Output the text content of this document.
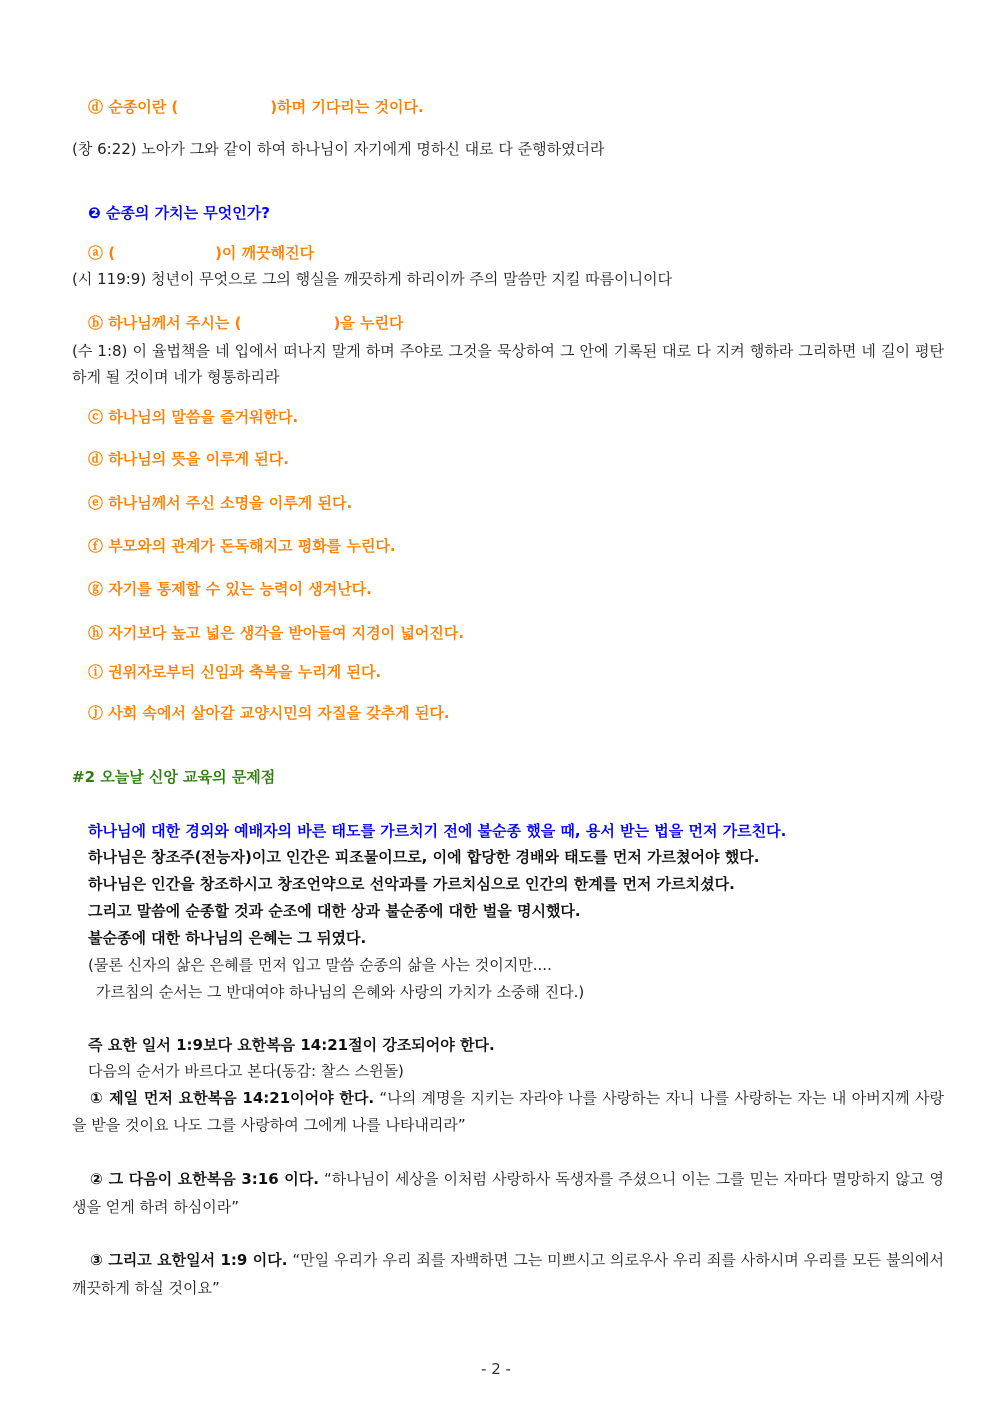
ⓓ 순종이란 (	)하며 기다리는 것이다.
(창 6:22) 노아가 그와 같이 하여 하나님이 자기에게 명하신 대로 다 준행하였더라
❷ 순종의 가치는 무엇인가?
ⓐ (	)이 깨끗해진다
(시 119:9) 청년이 무엇으로 그의 행실을 깨끗하게 하리이까 주의 말씀만 지킬 따름이니이다
ⓑ 하나님께서 주시는 (	)을 누린다
(수 1:8) 이 율법책을 네 입에서 떠나지 말게 하며 주야로 그것을 묵상하여 그 안에 기록된 대로 다 지켜 행하라 그리하면 네 길이 평탄하게 될 것이며 네가 형통하리라
ⓒ 하나님의 말씀을 즐거워한다.
ⓓ 하나님의 뜻을 이루게 된다.
ⓔ 하나님께서 주신 소명을 이루게 된다.
ⓕ 부모와의 관계가 돈독해지고 평화를 누린다.
ⓖ 자기를 통제할 수 있는 능력이 생겨난다.
ⓗ 자기보다 높고 넓은 생각을 받아들여 지경이 넓어진다.
ⓘ 권위자로부터 신임과 축복을 누리게 된다.
ⓙ 사회 속에서 살아갈 교양시민의 자질을 갖추게 된다.
#2 오늘날 신앙 교육의 문제점
하나님에 대한 경외와 예배자의 바른 태도를 가르치기 전에 불순종 했을 때, 용서 받는 법을 먼저 가르친다.
하나님은 창조주(전능자)이고 인간은 피조물이므로, 이에 합당한 경배와 태도를 먼저 가르쳤어야 했다.
하나님은 인간을 창조하시고 창조언약으로 선악과를 가르치심으로 인간의 한계를 먼저 가르치셨다.
그리고 말씀에 순종할 것과 순조에 대한 상과 불순종에 대한 벌을 명시했다.
불순종에 대한 하나님의 은혜는 그 뒤였다.
(물론 신자의 삶은 은혜를 먼저 입고 말씀 순종의 삶을 사는 것이지만....
가르침의 순서는 그 반대여야 하나님의 은혜와 사랑의 가치가 소중해 진다.)
즉 요한 일서 1:9보다 요한복음 14:21절이 강조되어야 한다.
다음의 순서가 바르다고 본다(동감: 찰스 스윈돌)
① 제일 먼저 요한복음 14:21이어야 한다. “나의 계명을 지키는 자라야 나를 사랑하는 자니 나를 사랑하는 자는 내 아버지께 사랑을 받을 것이요 나도 그를 사랑하여 그에게 나를 나타내리라”
② 그 다음이 요한복음 3:16 이다. “하나님이 세상을 이처럼 사랑하사 독생자를 주셨으니 이는 그를 믿는 자마다 멸망하지 않고 영생을 얻게 하려 하심이라”
③ 그리고 요한일서 1:9 이다. “만일 우리가 우리 죄를 자백하면 그는 미쁘시고 의로우사 우리 죄를 사하시며 우리를 모든 불의에서 깨끗하게 하실 것이요”
- 2 -
